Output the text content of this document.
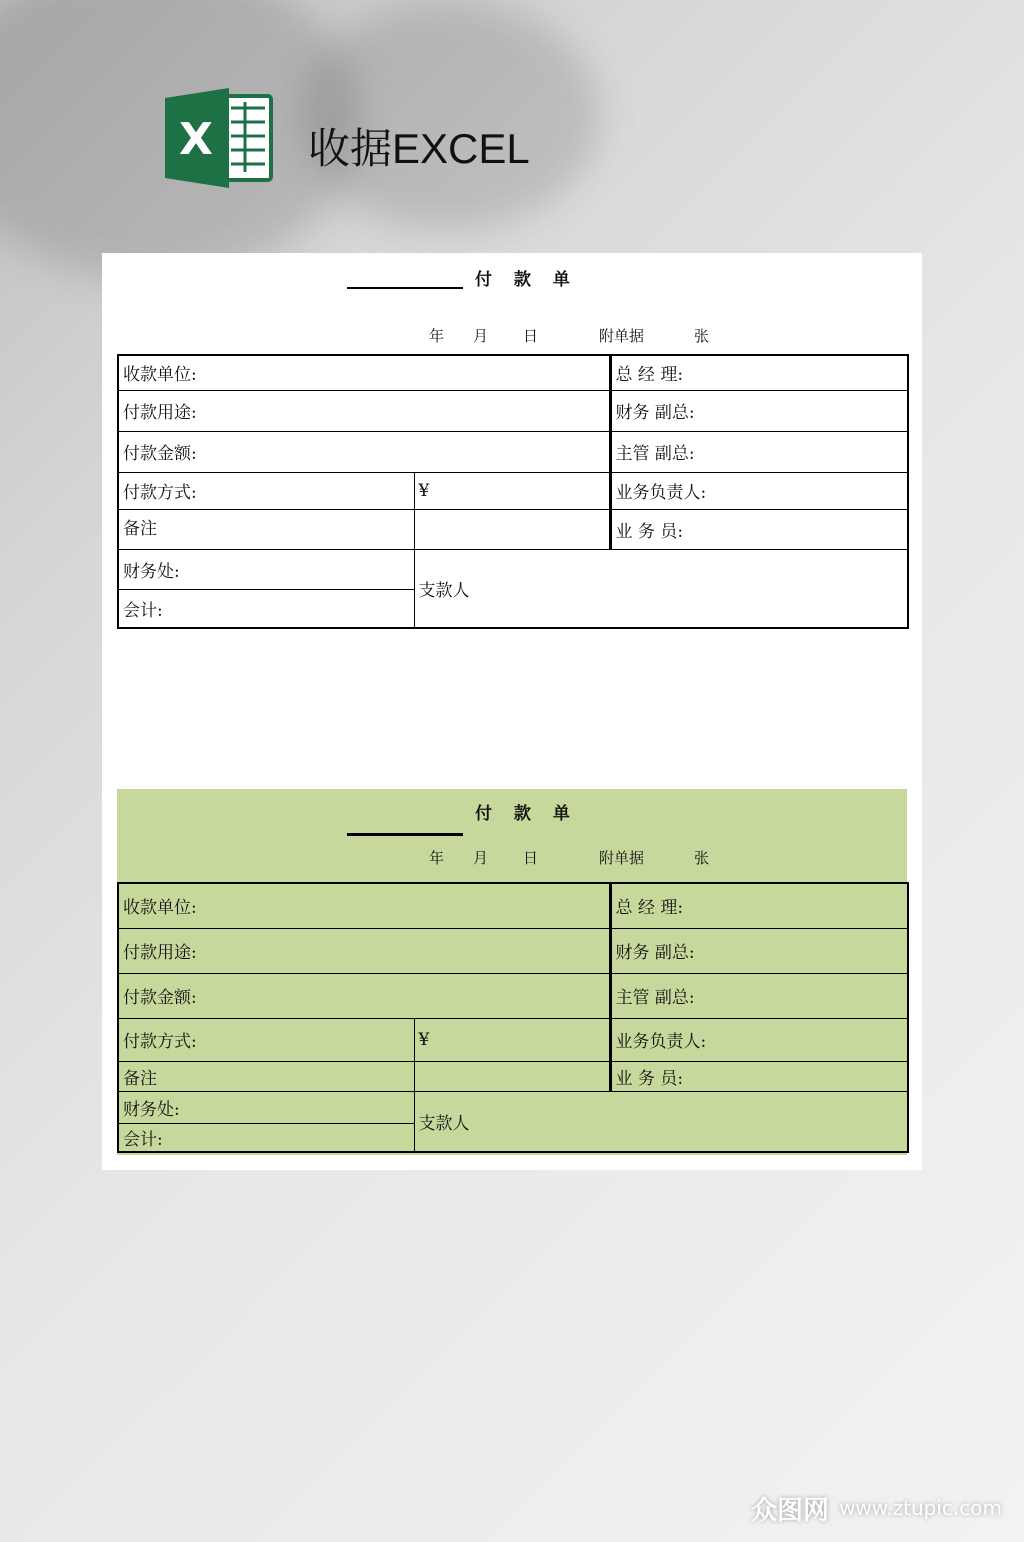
X 收据EXCEL
付 款 单
年 月 日	附单据	张
收款单位:		总 经 理:
付款用途:		财务 副总:
付款金额:		主管 副总:
付款方式:	¥	业务负责人:
备注		业 务 员:
财务处:	支款人	
会计:		
付 款 单
年 月 日	附单据	张
收款单位:		总 经 理:
付款用途:		财务 副总:
付款金额:		主管 副总:
付款方式:	¥	业务负责人:
备注		业 务 员:
财务处:	支款人	
会计:		
众图网 www.ztupic.com
